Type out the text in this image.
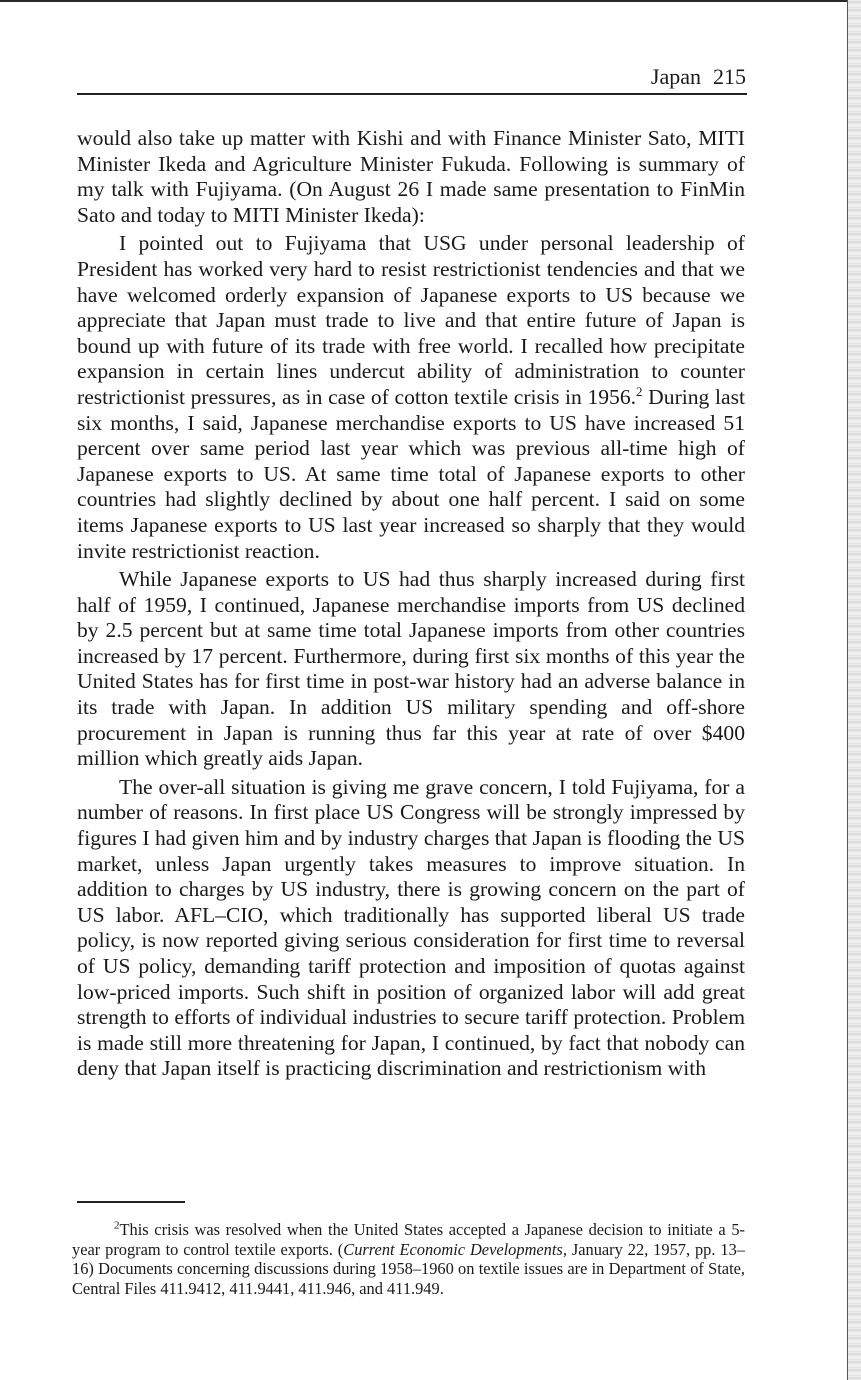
Japan 215

would also take up matter with Kishi and with Finance Minister Sato, MITI Minister Ikeda and Agriculture Minister Fukuda. Following is summary of my talk with Fujiyama. (On August 26 I made same presentation to FinMin Sato and today to MITI Minister Ikeda):

I pointed out to Fujiyama that USG under personal leadership of President has worked very hard to resist restrictionist tendencies and that we have welcomed orderly expansion of Japanese exports to US because we appreciate that Japan must trade to live and that entire future of Japan is bound up with future of its trade with free world. I recalled how precipitate expansion in certain lines undercut ability of administration to counter restrictionist pressures, as in case of cotton textile crisis in 1956.$^2$ During last six months, I said, Japanese merchandise exports to US have increased 51 percent over same period last year which was previous all-time high of Japanese exports to US. At same time total of Japanese exports to other countries had slightly declined by about one half percent. I said on some items Japanese exports to US last year increased so sharply that they would invite restrictionist reaction.

While Japanese exports to US had thus sharply increased during first half of 1959, I continued, Japanese merchandise imports from US declined by 2.5 percent but at same time total Japanese imports from other countries increased by 17 percent. Furthermore, during first six months of this year the United States has for first time in post-war history had an adverse balance in its trade with Japan. In addition US military spending and off-shore procurement in Japan is running thus far this year at rate of over $400 million which greatly aids Japan.

The over-all situation is giving me grave concern, I told Fujiyama, for a number of reasons. In first place US Congress will be strongly impressed by figures I had given him and by industry charges that Japan is flooding the US market, unless Japan urgently takes measures to improve situation. In addition to charges by US industry, there is growing concern on the part of US labor. AFL–CIO, which traditionally has supported liberal US trade policy, is now reported giving serious consideration for first time to reversal of US policy, demanding tariff protection and imposition of quotas against low-priced imports. Such shift in position of organized labor will add great strength to efforts of individual industries to secure tariff protection. Problem is made still more threatening for Japan, I continued, by fact that nobody can deny that Japan itself is practicing discrimination and restrictionism with

$^2$This crisis was resolved when the United States accepted a Japanese decision to initiate a 5-year program to control textile exports. (Current Economic Developments, January 22, 1957, pp. 13–16) Documents concerning discussions during 1958–1960 on textile issues are in Department of State, Central Files 411.9412, 411.9441, 411.946, and 411.949.
